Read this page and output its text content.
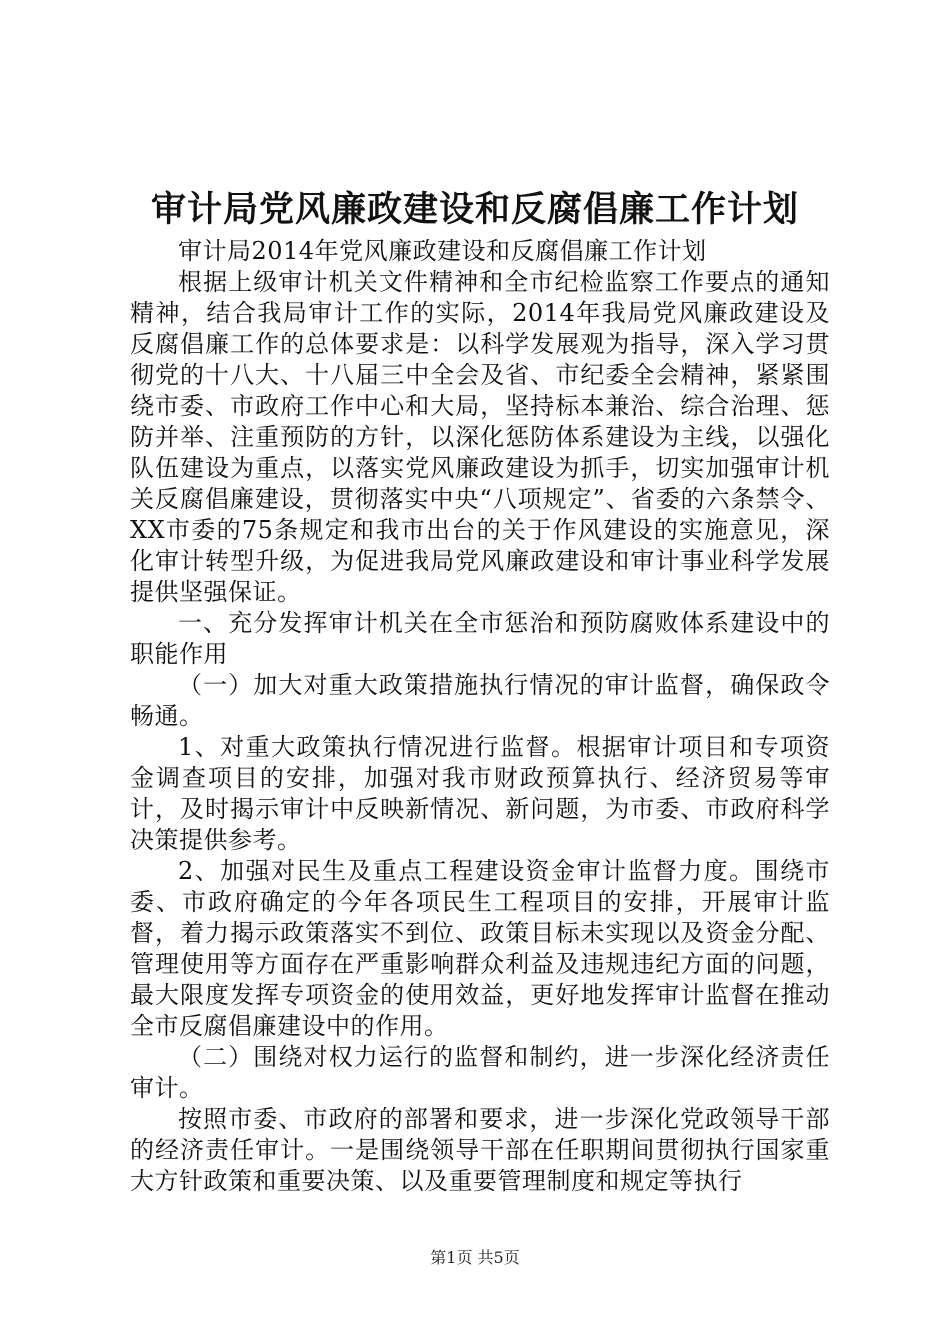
审计局党风廉政建设和反腐倡廉工作计划

审计局2014年党风廉政建设和反腐倡廉工作计划

根据上级审计机关文件精神和全市纪检监察工作要点的通知精神，结合我局审计工作的实际，2014年我局党风廉政建设及反腐倡廉工作的总体要求是：以科学发展观为指导，深入学习贯彻党的十八大、十八届三中全会及省、市纪委全会精神，紧紧围绕市委、市政府工作中心和大局，坚持标本兼治、综合治理、惩防并举、注重预防的方针，以深化惩防体系建设为主线，以强化队伍建设为重点，以落实党风廉政建设为抓手，切实加强审计机关反腐倡廉建设，贯彻落实中央“八项规定”、省委的六条禁令、XX市委的75条规定和我市出台的关于作风建设的实施意见，深化审计转型升级，为促进我局党风廉政建设和审计事业科学发展提供坚强保证。

一、充分发挥审计机关在全市惩治和预防腐败体系建设中的职能作用

（一）加大对重大政策措施执行情况的审计监督，确保政令畅通。

1、对重大政策执行情况进行监督。根据审计项目和专项资金调查项目的安排，加强对我市财政预算执行、经济贸易等审计，及时揭示审计中反映新情况、新问题，为市委、市政府科学决策提供参考。

2、加强对民生及重点工程建设资金审计监督力度。围绕市委、市政府确定的今年各项民生工程项目的安排，开展审计监督，着力揭示政策落实不到位、政策目标未实现以及资金分配、管理使用等方面存在严重影响群众利益及违规违纪方面的问题，最大限度发挥专项资金的使用效益，更好地发挥审计监督在推动全市反腐倡廉建设中的作用。

（二）围绕对权力运行的监督和制约，进一步深化经济责任审计。

按照市委、市政府的部署和要求，进一步深化党政领导干部的经济责任审计。一是围绕领导干部在任职期间贯彻执行国家重大方针政策和重要决策、以及重要管理制度和规定等执行

第1页 共5页
